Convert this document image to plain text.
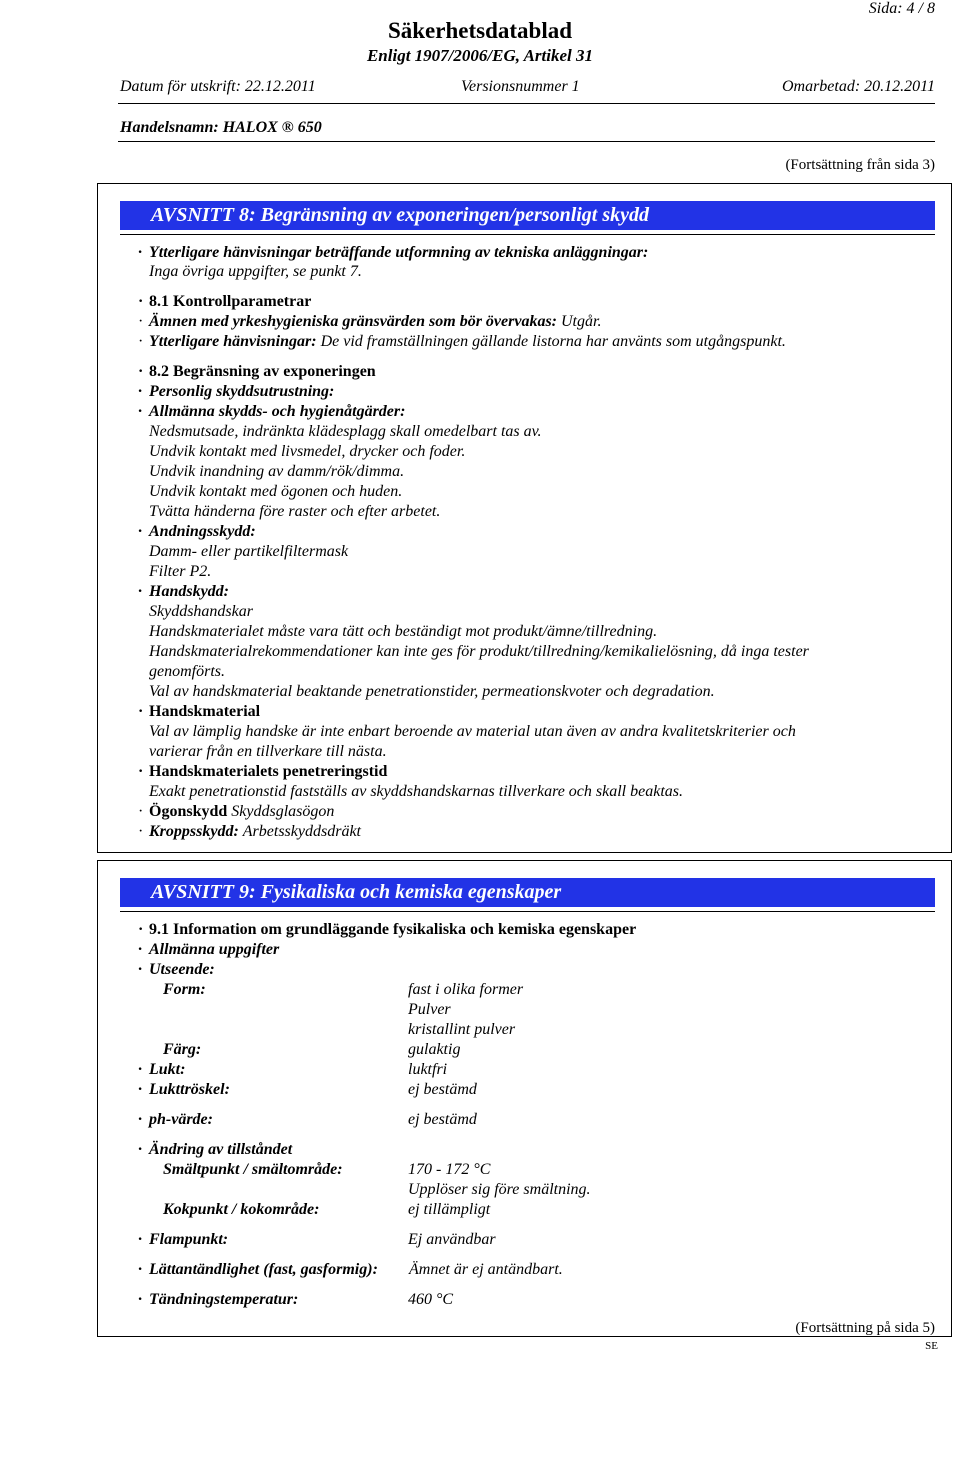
Sida: 4 / 8
Säkerhetsdatablad
Enligt 1907/2006/EG, Artikel 31
Datum för utskrift: 22.12.2011	Versionsnummer 1	Omarbetad: 20.12.2011
Handelsnamn: HALOX ® 650
(Fortsättning från sida 3)
AVSNITT 8: Begränsning av exponeringen/personligt skydd
· Ytterligare hänvisningar beträffande utformning av tekniska anläggningar:
Inga övriga uppgifter, se punkt 7.
· 8.1 Kontrollparametrar
· Ämnen med yrkeshygieniska gränsvärden som bör övervakas: Utgår.
· Ytterligare hänvisningar: De vid framställningen gällande listorna har använts som utgångspunkt.
· 8.2 Begränsning av exponeringen
· Personlig skyddsutrustning:
· Allmänna skydds- och hygienåtgärder:
Nedsmutsade, indränkta klädesplagg skall omedelbart tas av.
Undvik kontakt med livsmedel, drycker och foder.
Undvik inandning av damm/rök/dimma.
Undvik kontakt med ögonen och huden.
Tvätta händerna före raster och efter arbetet.
· Andningsskydd:
Damm- eller partikelfiltermask
Filter P2.
· Handskydd:
Skyddshandskar
Handskmaterialet måste vara tätt och beständigt mot produkt/ämne/tillredning.
Handskmaterialrekommendationer kan inte ges för produkt/tillredning/kemikalielösning, då inga tester
genomförts.
Val av handskmaterial beaktande penetrationstider, permeationskvoter och degradation.
· Handskmaterial
Val av lämplig handske är inte enbart beroende av material utan även av andra kvalitetskriterier och
varierar från en tillverkare till nästa.
· Handskmaterialets penetreringstid
Exakt penetrationstid fastställs av skyddshandskarnas tillverkare och skall beaktas.
· Ögonskydd Skyddsglasögon
· Kroppsskydd: Arbetsskyddsdräkt
AVSNITT 9: Fysikaliska och kemiska egenskaper
· 9.1 Information om grundläggande fysikaliska och kemiska egenskaper
· Allmänna uppgifter
· Utseende:
Form:	fast i olika former
Pulver
kristallint pulver
Färg:	gulaktig
· Lukt:	luktfri
· Lukttröskel:	ej bestämd
· ph-värde:	ej bestämd
· Ändring av tillståndet
Smältpunkt / smältområde:	170 - 172 °C
Upplöser sig före smältning.
Kokpunkt / kokområde:	ej tillämpligt
· Flampunkt:	Ej användbar
· Lättantändlighet (fast, gasformig): Ämnet är ej antändbart.
· Tändningstemperatur:	460 °C
(Fortsättning på sida 5)
SE
